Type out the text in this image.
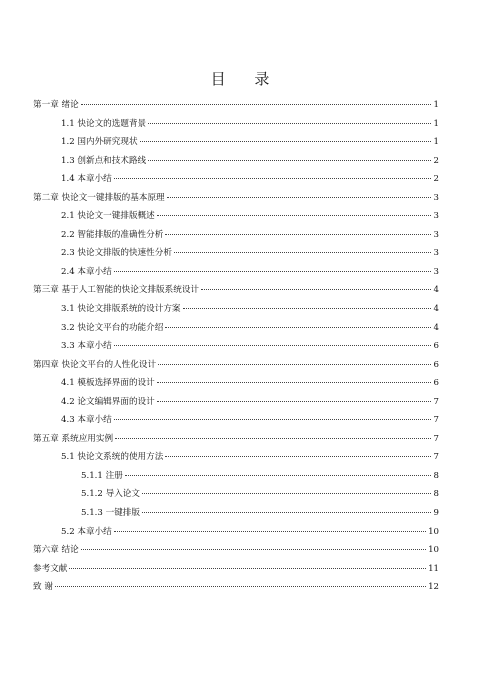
目 录
第一章 绪论	1
1.1 快论文的选题背景	1
1.2 国内外研究现状	1
1.3 创新点和技术路线	2
1.4 本章小结	2
第二章 快论文一键排版的基本原理	3
2.1 快论文一键排版概述	3
2.2 智能排版的准确性分析	3
2.3 快论文排版的快速性分析	3
2.4 本章小结	3
第三章 基于人工智能的快论文排版系统设计	4
3.1 快论文排版系统的设计方案	4
3.2 快论文平台的功能介绍	4
3.3 本章小结	6
第四章 快论文平台的人性化设计	6
4.1 模板选择界面的设计	6
4.2 论文编辑界面的设计	7
4.3 本章小结	7
第五章 系统应用实例	7
5.1 快论文系统的使用方法	7
5.1.1 注册	8
5.1.2 导入论文	8
5.1.3 一键排版	9
5.2 本章小结	10
第六章 结论	10
参考文献	11
致 谢	12
